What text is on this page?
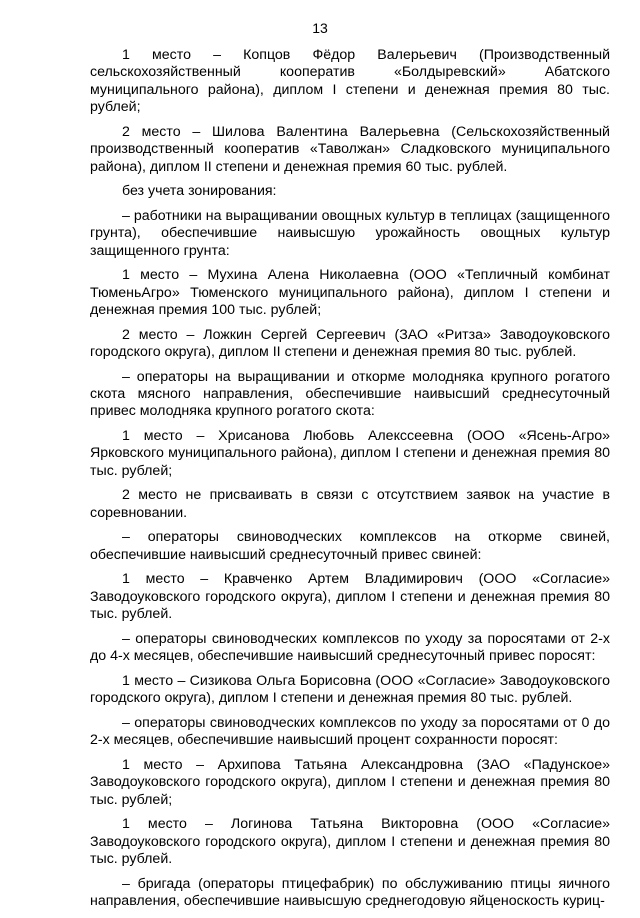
13

1 место – Копцов Фёдор Валерьевич (Производственный сельскохозяйственный кооператив «Болдыревский» Абатского муниципального района), диплом I степени и денежная премия 80 тыс. рублей;

2 место – Шилова Валентина Валерьевна (Сельскохозяйственный производственный кооператив «Таволжан» Сладковского муниципального района), диплом II степени и денежная премия 60 тыс. рублей.

без учета зонирования:

– работники на выращивании овощных культур в теплицах (защищенного грунта), обеспечившие наивысшую урожайность овощных культур защищенного грунта:

1 место – Мухина Алена Николаевна (ООО «Тепличный комбинат ТюменьАгро» Тюменского муниципального района), диплом I степени и денежная премия 100 тыс. рублей;

2 место – Ложкин Сергей Сергеевич (ЗАО «Ритза» Заводоуковского городского округа), диплом II степени и денежная премия 80 тыс. рублей.

– операторы на выращивании и откорме молодняка крупного рогатого скота мясного направления, обеспечившие наивысший среднесуточный привес молодняка крупного рогатого скота:

1 место – Хрисанова Любовь Алекссеевна (ООО «Ясень-Агро» Ярковского муниципального района), диплом I степени и денежная премия 80 тыс. рублей;

2 место не присваивать в связи с отсутствием заявок на участие в соревновании.

– операторы свиноводческих комплексов на откорме свиней, обеспечившие наивысший среднесуточный привес свиней:

1 место – Кравченко Артем Владимирович (ООО «Согласие» Заводоуковского городского округа), диплом I степени и денежная премия 80 тыс. рублей.

– операторы свиноводческих комплексов по уходу за поросятами от 2-х до 4-х месяцев, обеспечившие наивысший среднесуточный привес поросят:

1 место – Сизикова Ольга Борисовна (ООО «Согласие» Заводоуковского городского округа), диплом I степени и денежная премия 80 тыс. рублей.

– операторы свиноводческих комплексов по уходу за поросятами от 0 до 2-х месяцев, обеспечившие наивысший процент сохранности поросят:

1 место – Архипова Татьяна Александровна (ЗАО «Падунское» Заводоуковского городского округа), диплом I степени и денежная премия 80 тыс. рублей;

1 место – Логинова Татьяна Викторовна (ООО «Согласие» Заводоуковского городского округа), диплом I степени и денежная премия 80 тыс. рублей.

– бригада (операторы птицефабрик) по обслуживанию птицы яичного направления, обеспечившие наивысшую среднегодовую яйценоскость куриц-
